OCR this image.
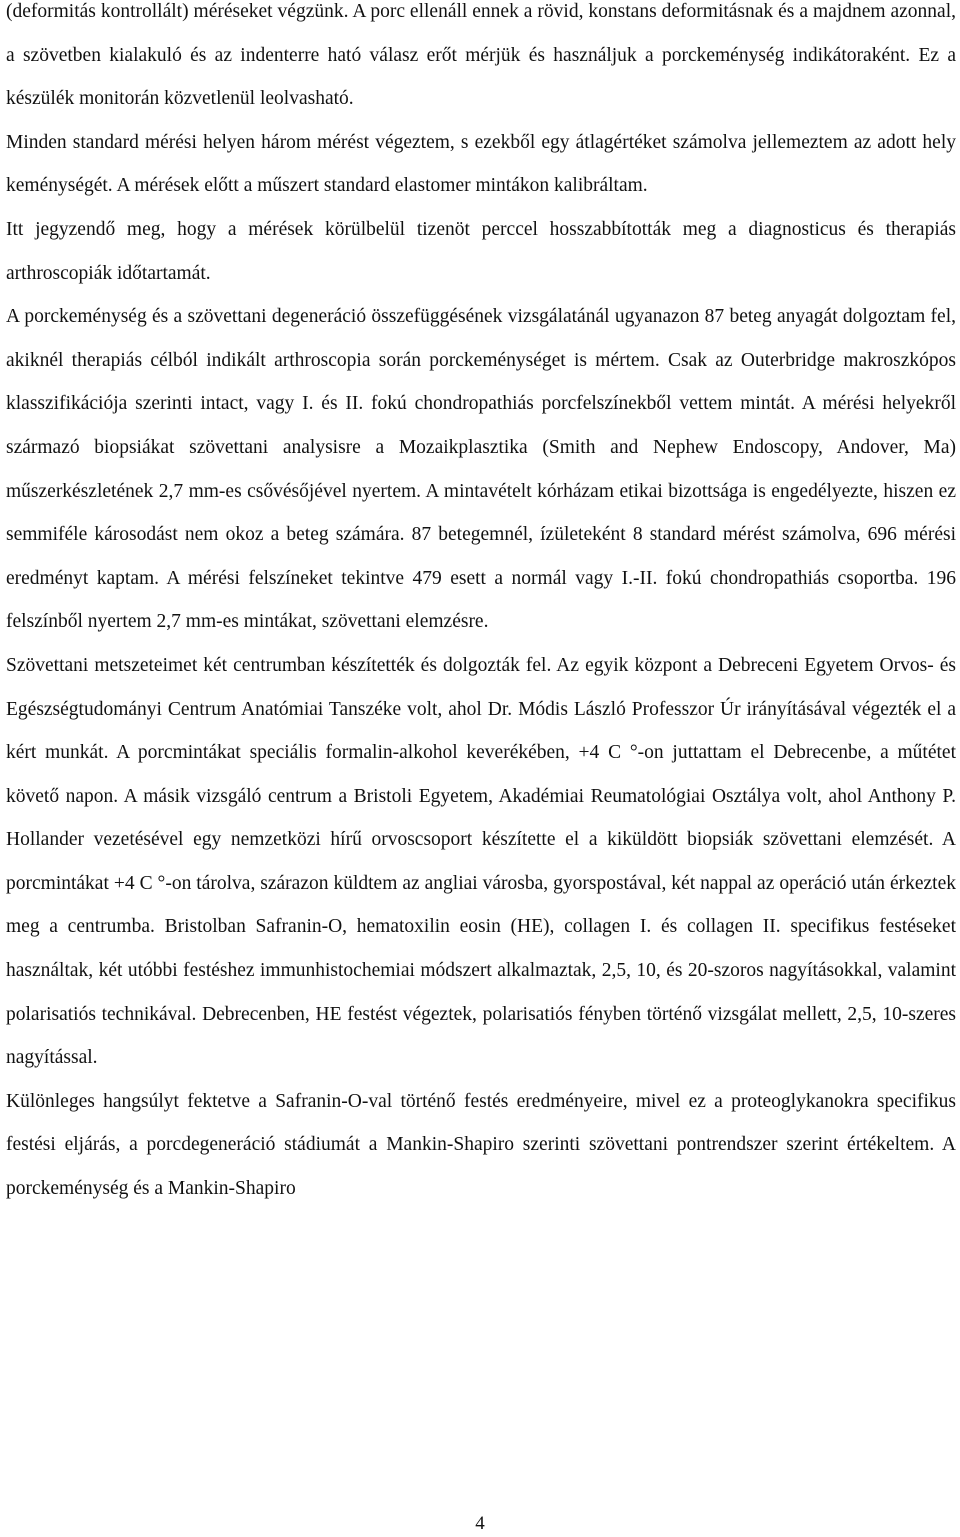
(deformitás kontrollált) méréseket végzünk. A porc ellenáll ennek a rövid, konstans deformitásnak és a majdnem azonnal, a szövetben kialakuló és az indenterre ható válasz erőt mérjük és használjuk a porckeménység indikátoraként. Ez a készülék monitorán közvetlenül leolvasható.

Minden standard mérési helyen három mérést végeztem, s ezekből egy átlagértéket számolva jellemeztem az adott hely keménységét. A mérések előtt a műszert standard elastomer mintákon kalibráltam.

Itt jegyzendő meg, hogy a mérések körülbelül tizenöt perccel hosszabbították meg a diagnosticus és therapiás arthroscopiák időtartamát.

A porckeménység és a szövettani degeneráció összefüggésének vizsgálatánál ugyanazon 87 beteg anyagát dolgoztam fel, akiknél therapiás célból indikált arthroscopia során porckeménységet is mértem. Csak az Outerbridge makroszkópos klasszifikációja szerinti intact, vagy I. és II. fokú chondropathiás porcfelszínekből vettem mintát. A mérési helyekről származó biopsiákat szövettani analysisre a Mozaikplasztika (Smith and Nephew Endoscopy, Andover, Ma) műszerkészletének 2,7 mm-es csővésőjével nyertem. A mintavételt kórházam etikai bizottsága is engedélyezte, hiszen ez semmiféle károsodást nem okoz a beteg számára. 87 betegemnél, ízületeként 8 standard mérést számolva, 696 mérési eredményt kaptam. A mérési felszíneket tekintve 479 esett a normál vagy I.-II. fokú chondropathiás csoportba. 196 felszínből nyertem 2,7 mm-es mintákat, szövettani elemzésre.

Szövettani metszeteimet két centrumban készítették és dolgozták fel. Az egyik központ a Debreceni Egyetem Orvos- és Egészségtudományi Centrum Anatómiai Tanszéke volt, ahol Dr. Módis László Professzor Úr irányításával végezték el a kért munkát. A porcmintákat speciális formalin-alkohol keverékében, +4 C °-on juttattam el Debrecenbe, a műtétet követő napon. A másik vizsgáló centrum a Bristoli Egyetem, Akadémiai Reumatológiai Osztálya volt, ahol Anthony P. Hollander vezetésével egy nemzetközi hírű orvoscsoport készítette el a kiküldött biopsiák szövettani elemzését. A porcmintákat +4 C °-on tárolva, szárazon küldtem az angliai városba, gyorspostával, két nappal az operáció után érkeztek meg a centrumba. Bristolban Safranin-O, hematoxilin eosin (HE), collagen I. és collagen II. specifikus festéseket használtak, két utóbbi festéshez immunhistochemiai módszert alkalmaztak, 2,5, 10, és 20-szoros nagyításokkal, valamint polarisatiós technikával. Debrecenben, HE festést végeztek, polarisatiós fényben történő vizsgálat mellett, 2,5, 10-szeres nagyítással.

Különleges hangsúlyt fektetve a Safranin-O-val történő festés eredményeire, mivel ez a proteoglykanokra specifikus festési eljárás, a porcdegeneráció stádiumát a Mankin-Shapiro szerinti szövettani pontrendszer szerint értékeltem. A porckeménység és a Mankin-Shapiro

4
